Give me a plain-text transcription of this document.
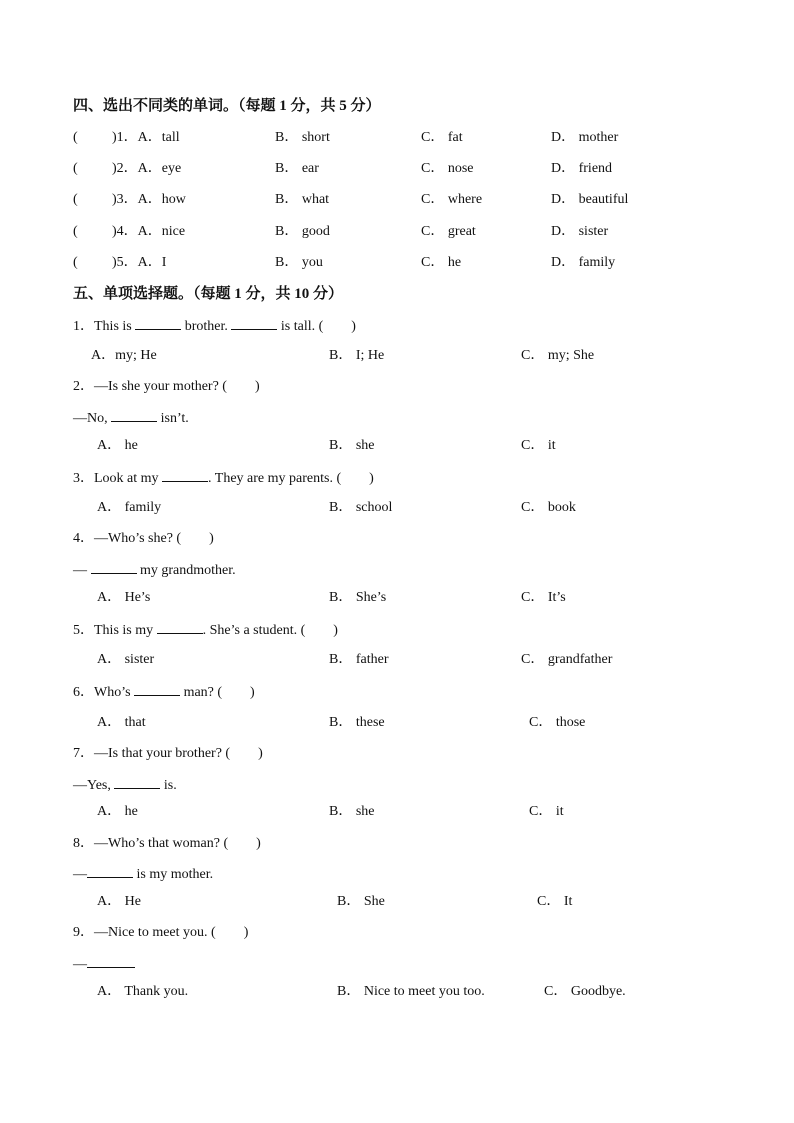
四、选出不同类的单词。（每题 1 分，共 5 分）
( )1．A．tall	B． short	C． fat	D． mother
( )2．A．eye	B． ear	C． nose	D． friend
( )3．A．how	B． what	C． where	D． beautiful
( )4．A．nice	B． good	C． great	D． sister
( )5．A．I	B． you	C． he	D． family
五、单项选择题。（每题 1 分，共 10 分）
1．This is	brother.	is tall. ( )
A．my; He	B． I; He	C． my; She
2．—Is she your mother? ( )
—No,	isn’t.
A． he	B． she	C． it
3．Look at my	. They are my parents. ( )
A． family	B． school	C． book
4．—Who’s she? ( )
—	my grandmother.
A． He’s	B． She’s	C． It’s
5．This is my	. She’s a student. ( )
A． sister	B． father	C． grandfather
6．Who’s	man? ( )
A． that	B． these	C． those
7．—Is that your brother? ( )
—Yes,	is.
A． he	B． she	C． it
8．—Who’s that woman? ( )
—	is my mother.
A． He	B． She	C． It
9．—Nice to meet you. ( )
—
A． Thank you.	B． Nice to meet you too.	C． Goodbye.
